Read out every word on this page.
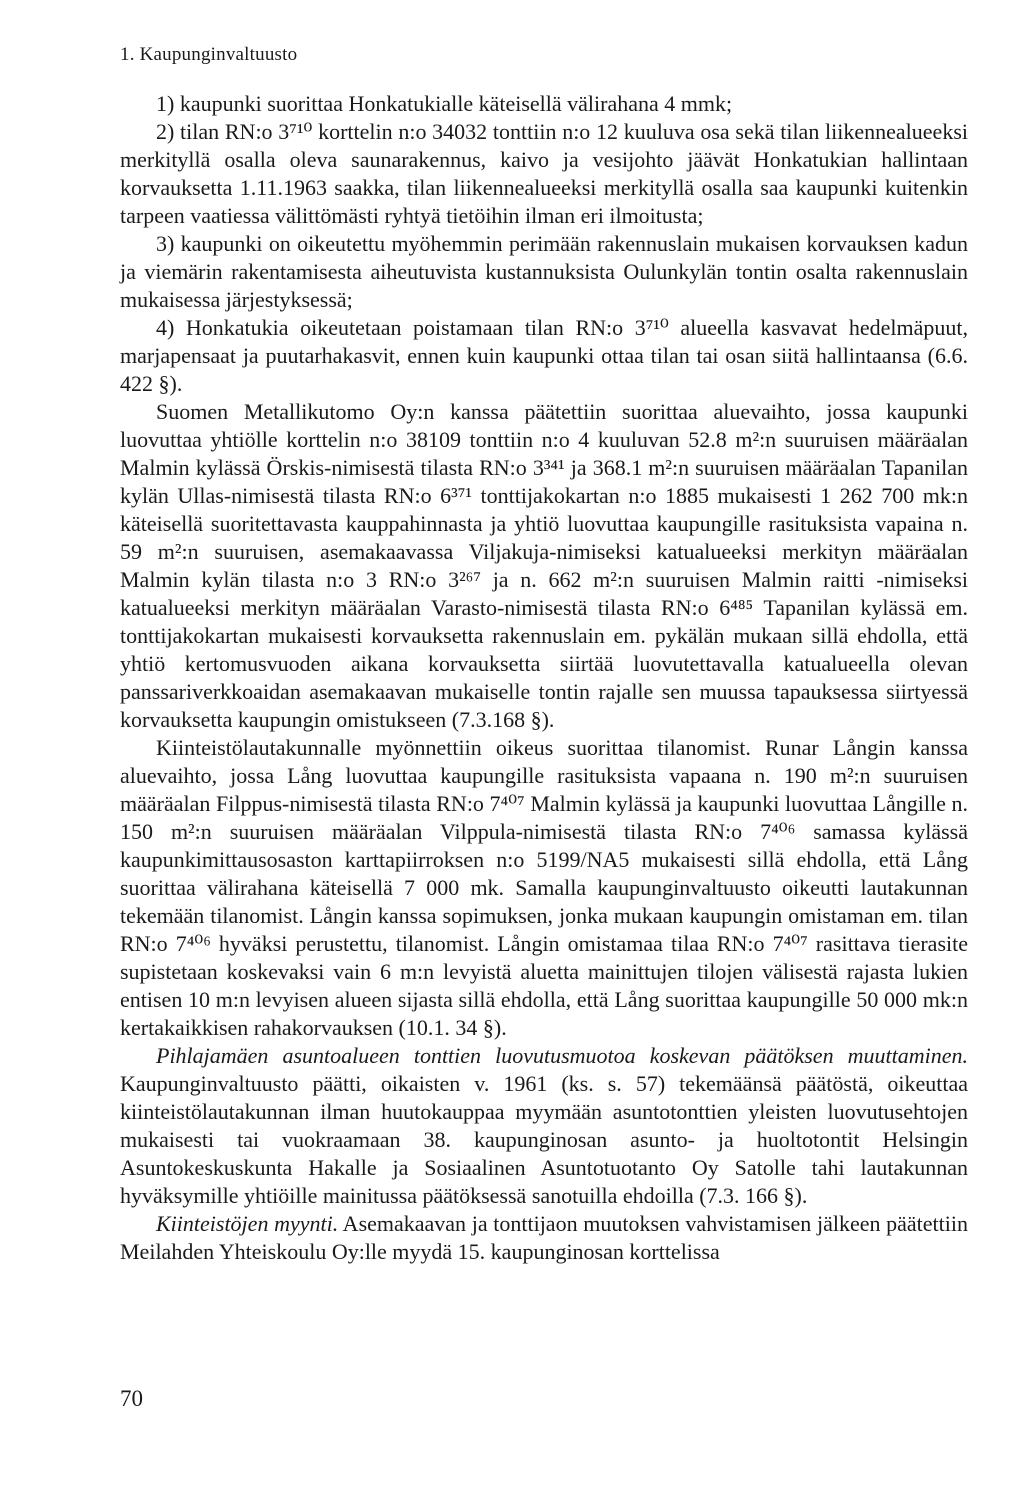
1. Kaupunginvaltuusto

1) kaupunki suorittaa Honkatukialle käteisellä välirahana 4 mmk;

2) tilan RN:o 3⁷¹⁰ korttelin n:o 34032 tonttiin n:o 12 kuuluva osa sekä tilan liikennealueeksi merkityllä osalla oleva saunarakennus, kaivo ja vesijohto jäävät Honkatukian hallintaan korvauksetta 1.11.1963 saakka, tilan liikennealueeksi merkityllä osalla saa kaupunki kuitenkin tarpeen vaatiessa välittömästi ryhtyä tietöihin ilman eri ilmoitusta;

3) kaupunki on oikeutettu myöhemmin perimään rakennuslain mukaisen korvauksen kadun ja viemärin rakentamisesta aiheutuvista kustannuksista Oulunkylän tontin osalta rakennuslain mukaisessa järjestyksessä;

4) Honkatukia oikeutetaan poistamaan tilan RN:o 3⁷¹⁰ alueella kasvavat hedelmäpuut, marjapensaat ja puutarhakasvit, ennen kuin kaupunki ottaa tilan tai osan siitä hallintaansa (6.6. 422 §).

Suomen Metallikutomo Oy:n kanssa päätettiin suorittaa aluevaihto, jossa kaupunki luovuttaa yhtiölle korttelin n:o 38109 tonttiin n:o 4 kuuluvan 52.8 m²:n suuruisen määräalan Malmin kylässä Örskis-nimisestä tilasta RN:o 3³⁴¹ ja 368.1 m²:n suuruisen määräalan Tapanilan kylän Ullas-nimisestä tilasta RN:o 6³⁷¹ tonttijakokartan n:o 1885 mukaisesti 1 262 700 mk:n käteisellä suoritettavasta kauppahinnasta ja yhtiö luovuttaa kaupungille rasituksista vapaina n. 59 m²:n suuruisen, asemakaavassa Viljakuja-nimiseksi katualueeksi merkityn määräalan Malmin kylän tilasta n:o 3 RN:o 3²⁶⁷ ja n. 662 m²:n suuruisen Malmin raitti -nimiseksi katualueeksi merkityn määräalan Varasto-nimisestä tilasta RN:o 6⁴⁸⁵ Tapanilan kylässä em. tonttijakokartan mukaisesti korvauksetta rakennuslain em. pykälän mukaan sillä ehdolla, että yhtiö kertomusvuoden aikana korvauksetta siirtää luovutettavalla katualueella olevan panssariverkkoaidan asemakaavan mukaiselle tontin rajalle sen muussa tapauksessa siirtyessä korvauksetta kaupungin omistukseen (7.3.168 §).

Kiinteistölautakunnalle myönnettiin oikeus suorittaa tilanomist. Runar Långin kanssa aluevaihto, jossa Lång luovuttaa kaupungille rasituksista vapaana n. 190 m²:n suuruisen määräalan Filppus-nimisestä tilasta RN:o 7⁴⁰⁷ Malmin kylässä ja kaupunki luovuttaa Långille n. 150 m²:n suuruisen määräalan Vilppula-nimisestä tilasta RN:o 7⁴⁰⁶ samassa kylässä kaupunkimittausosaston karttapiirroksen n:o 5199/NA5 mukaisesti sillä ehdolla, että Lång suorittaa välirahana käteisellä 7 000 mk. Samalla kaupunginvaltuusto oikeutti lautakunnan tekemään tilanomist. Långin kanssa sopimuksen, jonka mukaan kaupungin omistaman em. tilan RN:o 7⁴⁰⁶ hyväksi perustettu, tilanomist. Långin omistamaa tilaa RN:o 7⁴⁰⁷ rasittava tierasite supistetaan koskevaksi vain 6 m:n levyistä aluetta mainittujen tilojen välisestä rajasta lukien entisen 10 m:n levyisen alueen sijasta sillä ehdolla, että Lång suorittaa kaupungille 50 000 mk:n kertakaikkisen rahakorvauksen (10.1. 34 §).

Pihlajamäen asuntoalueen tonttien luovutusmuotoa koskevan päätöksen muuttaminen. Kaupunginvaltuusto päätti, oikaisten v. 1961 (ks. s. 57) tekemäänsä päätöstä, oikeuttaa kiinteistölautakunnan ilman huutokauppaa myymään asuntotonttien yleisten luovutusehtojen mukaisesti tai vuokraamaan 38. kaupunginosan asunto- ja huoltotontit Helsingin Asuntokeskuskunta Hakalle ja Sosiaalinen Asuntotuotanto Oy Satolle tahi lautakunnan hyväksymille yhtiöille mainitussa päätöksessä sanotuilla ehdoilla (7.3. 166 §).

Kiinteistöjen myynti. Asemakaavan ja tonttijaon muutoksen vahvistamisen jälkeen päätettiin Meilahden Yhteiskoulu Oy:lle myydä 15. kaupunginosan korttelissa

70
